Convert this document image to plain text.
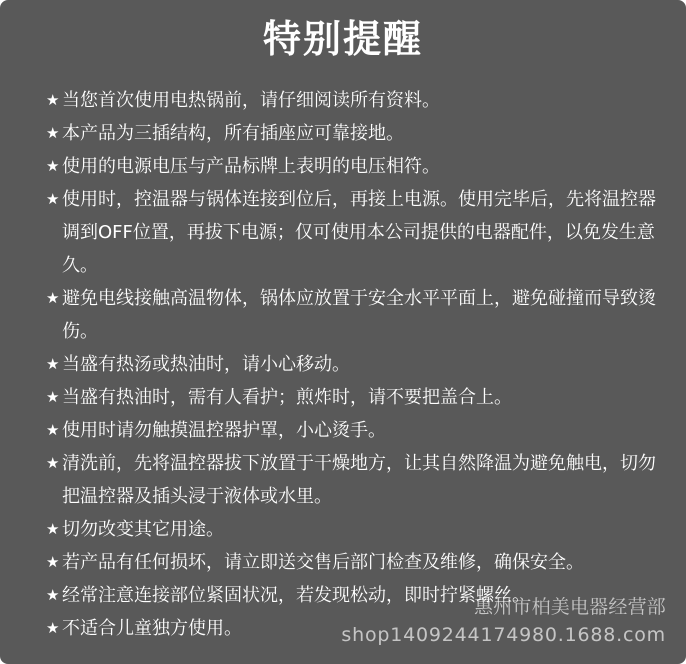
特别提醒
★ 当您首次使用电热锅前，请仔细阅读所有资料。
★ 本产品为三插结构，所有插座应可靠接地。
★ 使用的电源电压与产品标牌上表明的电压相符。
★ 使用时，控温器与锅体连接到位后，再接上电源。使用完毕后，先将温控器调到OFF位置，再拔下电源；仅可使用本公司提供的电器配件，以免发生意久。
★ 避免电线接触高温物体，锅体应放置于安全水平平面上，避免碰撞而导致烫伤。
★ 当盛有热汤或热油时，请小心移动。
★ 当盛有热油时，需有人看护；煎炸时，请不要把盖合上。
★ 使用时请勿触摸温控器护罩，小心烫手。
★ 清洗前，先将温控器拔下放置于干燥地方，让其自然降温为避免触电，切勿把温控器及插头浸于液体或水里。
★ 切勿改变其它用途。
★ 若产品有任何损坏，请立即送交售后部门检查及维修，确保安全。
★ 经常注意连接部位紧固状况，若发现松动，即时拧紧螺丝。
★ 不适合儿童独方使用。
惠州市柏美电器经营部
shop1409244174980.1688.com
